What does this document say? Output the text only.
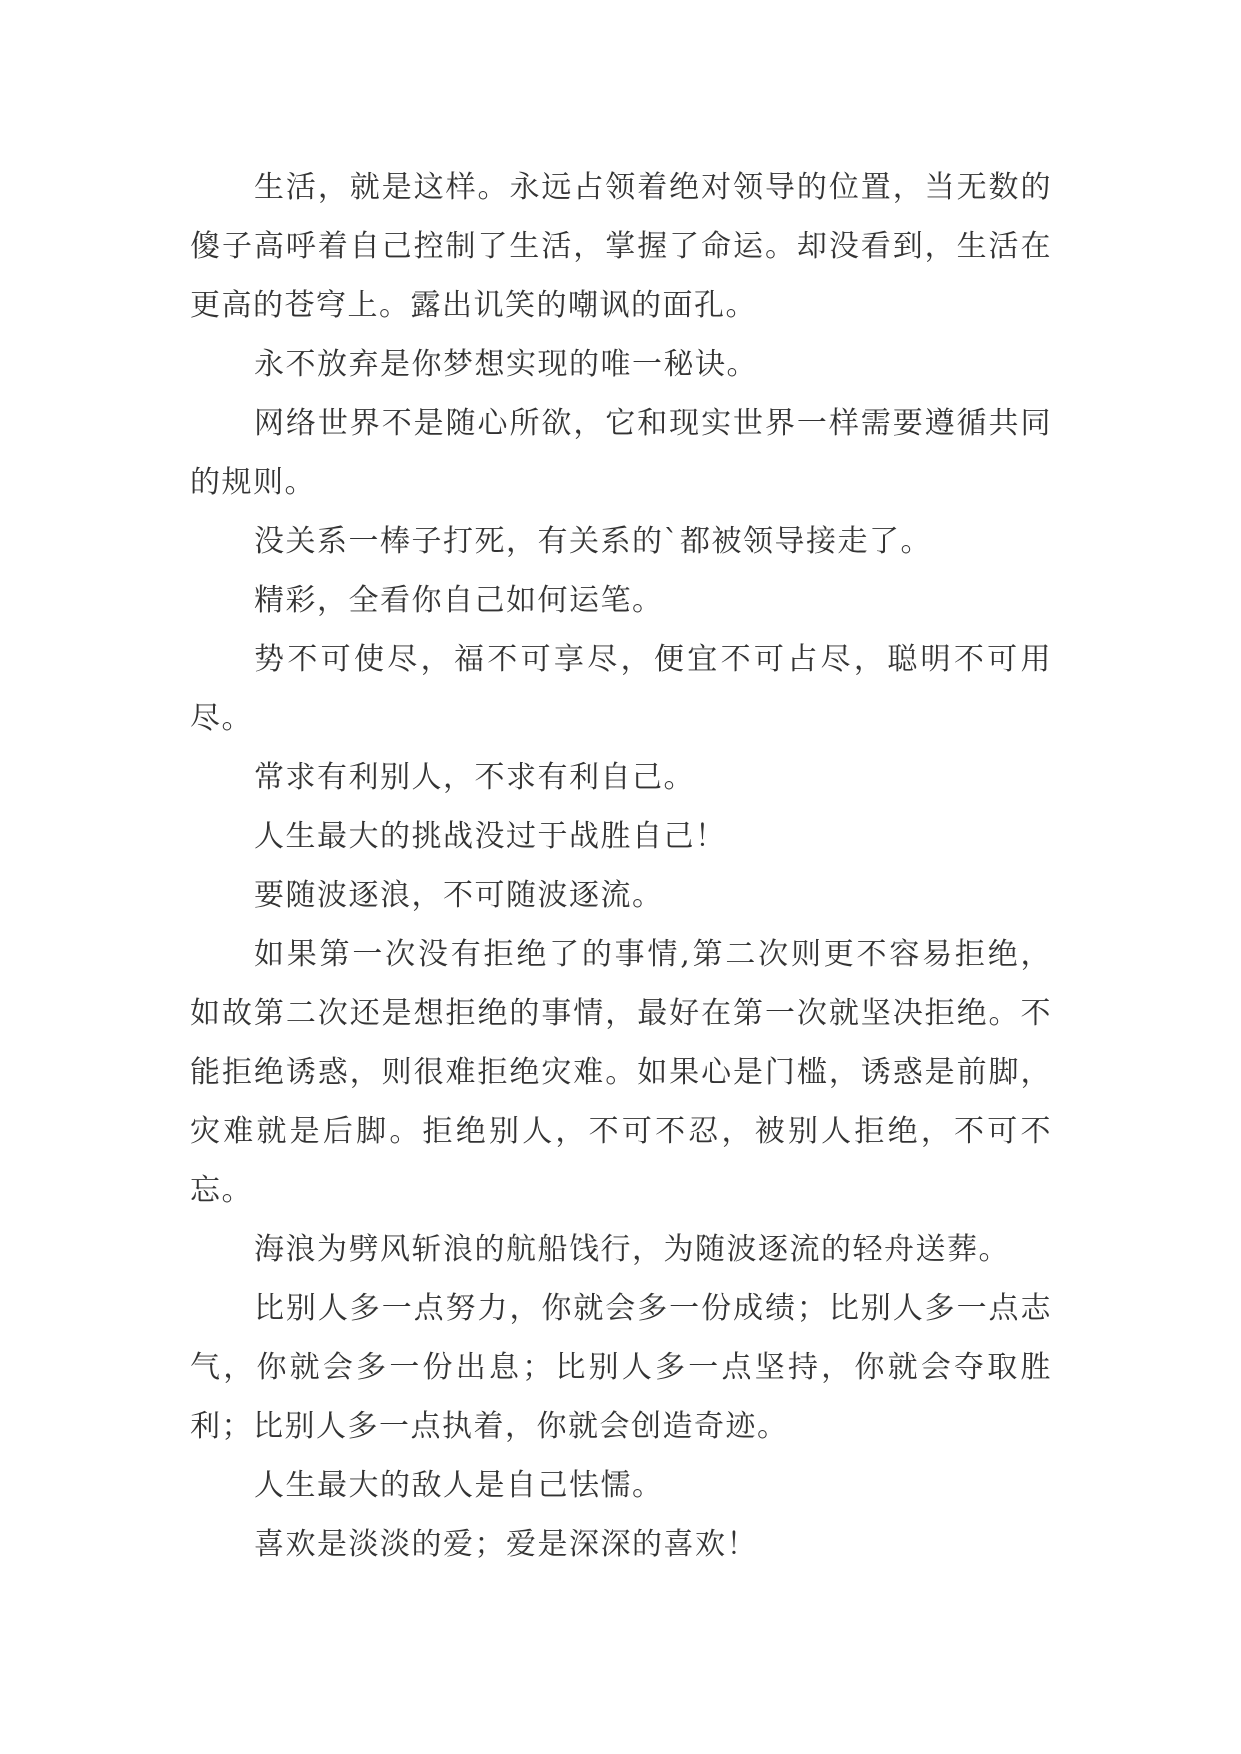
生活，就是这样。永远占领着绝对领导的位置，当无数的傻子高呼着自己控制了生活，掌握了命运。却没看到，生活在更高的苍穹上。露出讥笑的嘲讽的面孔。

永不放弃是你梦想实现的唯一秘诀。

网络世界不是随心所欲，它和现实世界一样需要遵循共同的规则。

没关系一棒子打死，有关系的`都被领导接走了。

精彩，全看你自己如何运笔。

势不可使尽，福不可享尽，便宜不可占尽，聪明不可用尽。

常求有利别人，不求有利自己。

人生最大的挑战没过于战胜自己！

要随波逐浪，不可随波逐流。

如果第一次没有拒绝了的事情,第二次则更不容易拒绝，如故第二次还是想拒绝的事情，最好在第一次就坚决拒绝。不能拒绝诱惑，则很难拒绝灾难。如果心是门槛，诱惑是前脚，灾难就是后脚。拒绝别人，不可不忍，被别人拒绝，不可不忘。

海浪为劈风斩浪的航船饯行，为随波逐流的轻舟送葬。

比别人多一点努力，你就会多一份成绩；比别人多一点志气，你就会多一份出息；比别人多一点坚持，你就会夺取胜利；比别人多一点执着，你就会创造奇迹。

人生最大的敌人是自己怯懦。

喜欢是淡淡的爱；爱是深深的喜欢！
